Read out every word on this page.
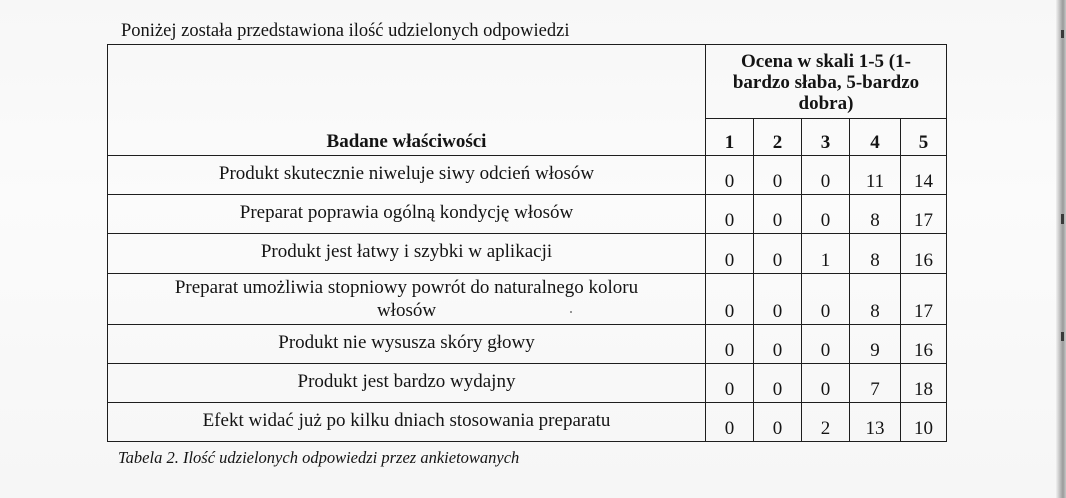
Poniżej została przedstawiona ilość udzielonych odpowiedzi
Badane właściwości	Ocena w skali 1-5 (1-
bardzo słaba, 5-bardzo
dobra)				

	1	2	3	4	5
Produkt skutecznie niweluje siwy odcień włosów	0	0	0	11	14
Preparat poprawia ogólną kondycję włosów	0	0	0	8	17
Produkt jest łatwy i szybki w aplikacji	0	0	1	8	16

Preparat umożliwia stopniowy powrót do naturalnego koloru
włosów	0	0	0	8	17
Produkt nie wysusza skóry głowy	0	0	0	9	16
Produkt jest bardzo wydajny	0	0	0	7	18
Efekt widać już po kilku dniach stosowania preparatu	0	0	2	13	10
Tabela 2. Ilość udzielonych odpowiedzi przez ankietowanych
